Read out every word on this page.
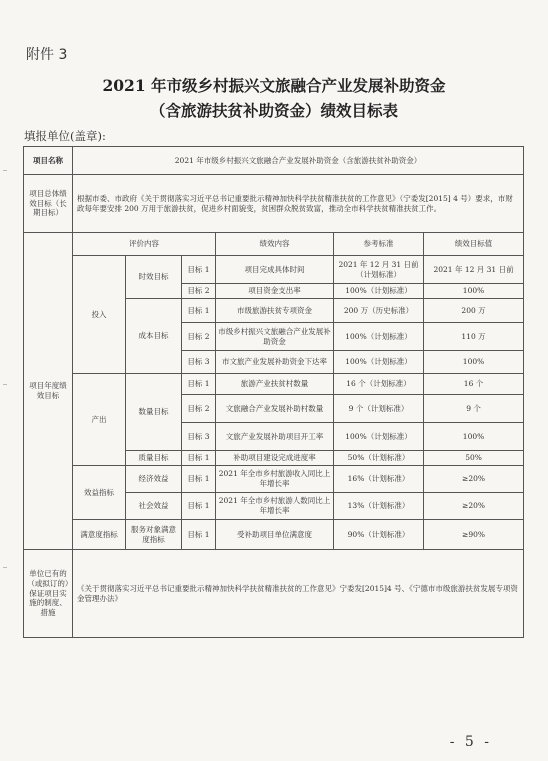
附件 3
2021 年市级乡村振兴文旅融合产业发展补助资金
（含旅游扶贫补助资金）绩效目标表
填报单位(盖章):
项目名称	2021 年市级乡村振兴文旅融合产业发展补助资金（含旅游扶贫补助资金）					
项目总体绩效目标（长期目标）	根据市委、市政府《关于贯彻落实习近平总书记重要批示精神加快科学扶贫精准扶贫的工作意见》（宁委发[2015] 4 号）要求，市财政每年要安排 200 万用于旅游扶贫，促进乡村面貌变，贫困群众脱贫致富，推动全市科学扶贫精准扶贫工作。					
项目年度绩效目标	评价内容			绩效内容	参考标准	绩效目标值
	投入	时效目标	目标 1	项目完成具体时间	2021 年 12 月 31 日前（计划标准）	2021 年 12 月 31 日前
			目标 2	项目资金支出率	100%（计划标准）	100%
		成本目标	目标 1	市级旅游扶贫专项资金	200 万（历史标准）	200 万
			目标 2	市级乡村振兴文旅融合产业发展补助资金	100%（计划标准）	110 万
			目标 3	市文旅产业发展补助资金下达率	100%（计划标准）	100%
	产出	数量目标	目标 1	旅游产业扶贫村数量	16 个（计划标准）	16 个
			目标 2	文旅融合产业发展补助村数量	9 个（计划标准）	9 个
			目标 3	文旅产业发展补助项目开工率	100%（计划标准）	100%
		质量目标	目标 1	补助项目建设完成进度率	50%（计划标准）	50%
	效益指标	经济效益	目标 1	2021 年全市乡村旅游收入同比上年增长率	16%（计划标准）	≥20%
		社会效益	目标 1	2021 年全市乡村旅游人数同比上年增长率	13%（计划标准）	≥20%
	满意度指标	服务对象满意度指标	目标 1	受补助项目单位满意度	90%（计划标准）	≥90%
单位已有的（或拟订的）保证项目实施的制度、措施	《关于贯彻落实习近平总书记重要批示精神加快科学扶贫精准扶贫的工作意见》宁委发[2015]4 号、《宁德市市级旅游扶贫发展专项资金管理办法》					
- 5 -
